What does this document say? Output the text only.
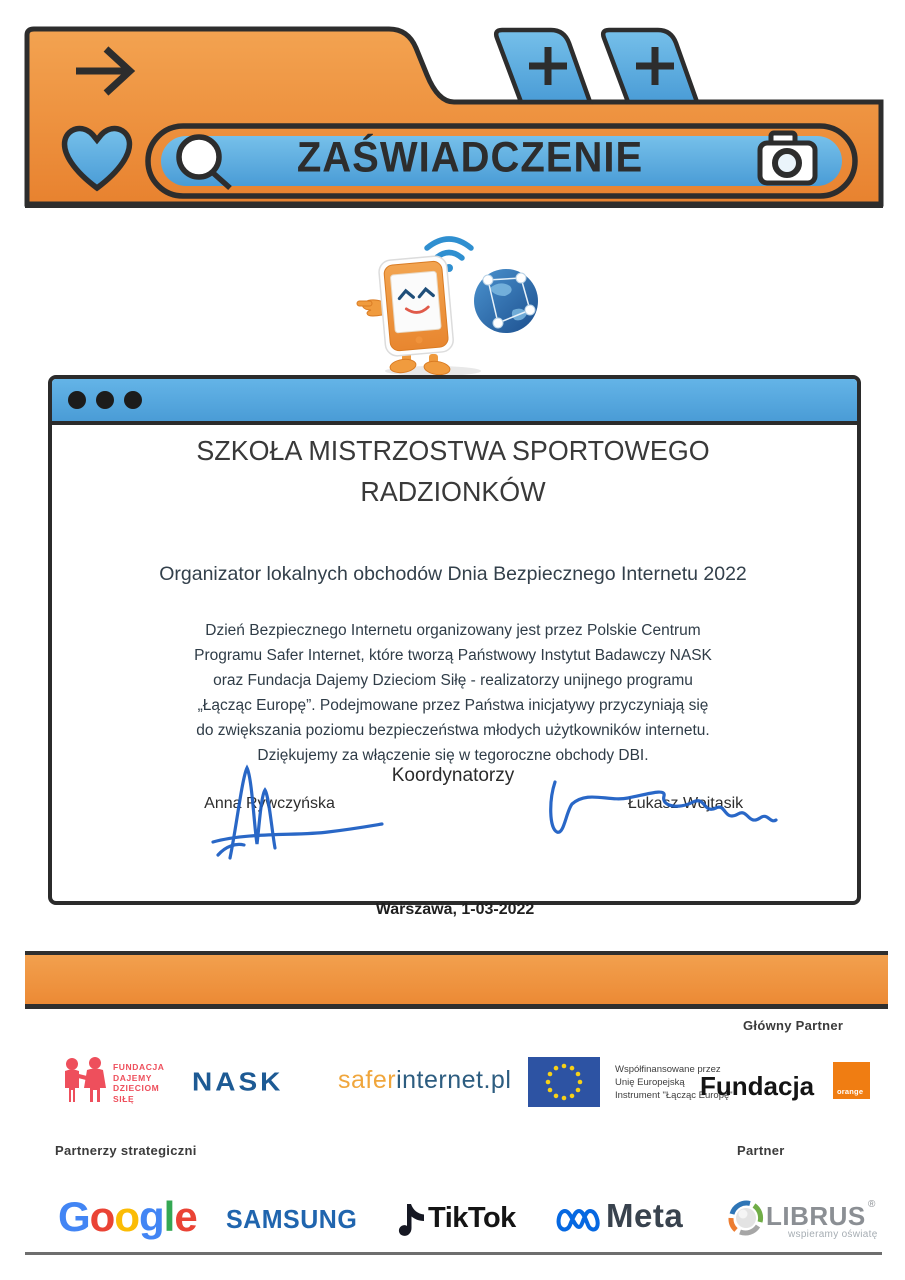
ZAŚWIADCZENIE
SZKOŁA MISTRZOSTWA SPORTOWEGO
RADZIONKÓW
Organizator lokalnych obchodów Dnia Bezpiecznego Internetu 2022
Dzień Bezpiecznego Internetu organizowany jest przez Polskie Centrum
Programu Safer Internet, które tworzą Państwowy Instytut Badawczy NASK
oraz Fundacja Dajemy Dzieciom Siłę - realizatorzy unijnego programu
„Łącząc Europę”. Podejmowane przez Państwa inicjatywy przyczyniają się
do zwiększania poziomu bezpieczeństwa młodych użytkowników internetu.
Dziękujemy za włączenie się w tegoroczne obchody DBI.
Koordynatorzy
Anna Rywczyńska	Łukasz Wojtasik
Warszawa, 1-03-2022
Główny Partner
Partnerzy strategiczni	Partner
FUNDACJA
DAJEMY
DZIECIOM
SIŁĘ
NASK saferinternet.pl	Współfinansowane przez
Unię Europejską
Instrument "Łącząc Europę"
Fundacja	orange
Google SAMSUNG TikTok	Meta	LIBRUS ®
wspieramy oświatę
